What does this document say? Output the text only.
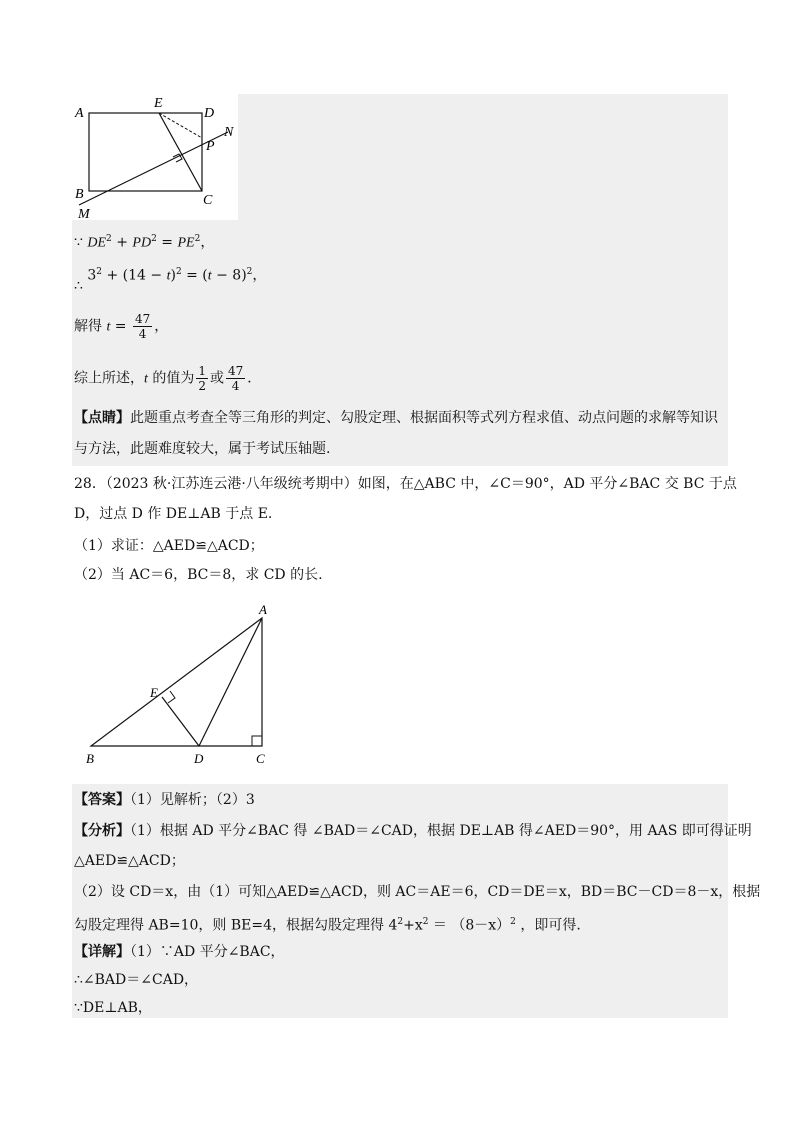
A
E
D
N
P
B	C
M
∵ $DE^2 + PD^2 = PE^2$，
∴ $3^2 + (14 - t)^2 = (t - 8)^2$，
解得 $t = \frac{47}{4}$ ，
综上所述，t 的值为 $\frac{1}{2}$ 或 $\frac{47}{4}$ ．
【点睛】此题重点考查全等三角形的判定、勾股定理、根据面积等式列方程求值、动点问题的求解等知识
与方法，此题难度较大，属于考试压轴题.
28．（2023 秋·江苏连云港·八年级统考期中）如图，在△ABC 中，∠C＝90°，AD 平分∠BAC 交 BC 于点
D，过点 D 作 DE⊥AB 于点 E.
（1）求证：△AED≌△ACD；
（2）当 AC＝6，BC＝8，求 CD 的长.
A
E
B	D	C
【答案】（1）见解析；（2）3
【分析】（1）根据 AD 平分∠BAC 得 ∠BAD＝∠CAD，根据 DE⊥AB 得∠AED＝90°，用 AAS 即可得证明
△AED≌△ACD；
（2）设 CD＝x，由（1）可知△AED≌△ACD，则 AC＝AE＝6，CD＝DE＝x，BD＝BC－CD＝8－x，根据
勾股定理得 AB=10，则 BE=4，根据勾股定理得 $4^2+x^2 = (8-x)^2$ ，即可得.
【详解】（1）∵AD 平分∠BAC，
∴∠BAD＝∠CAD，
∵DE⊥AB，
